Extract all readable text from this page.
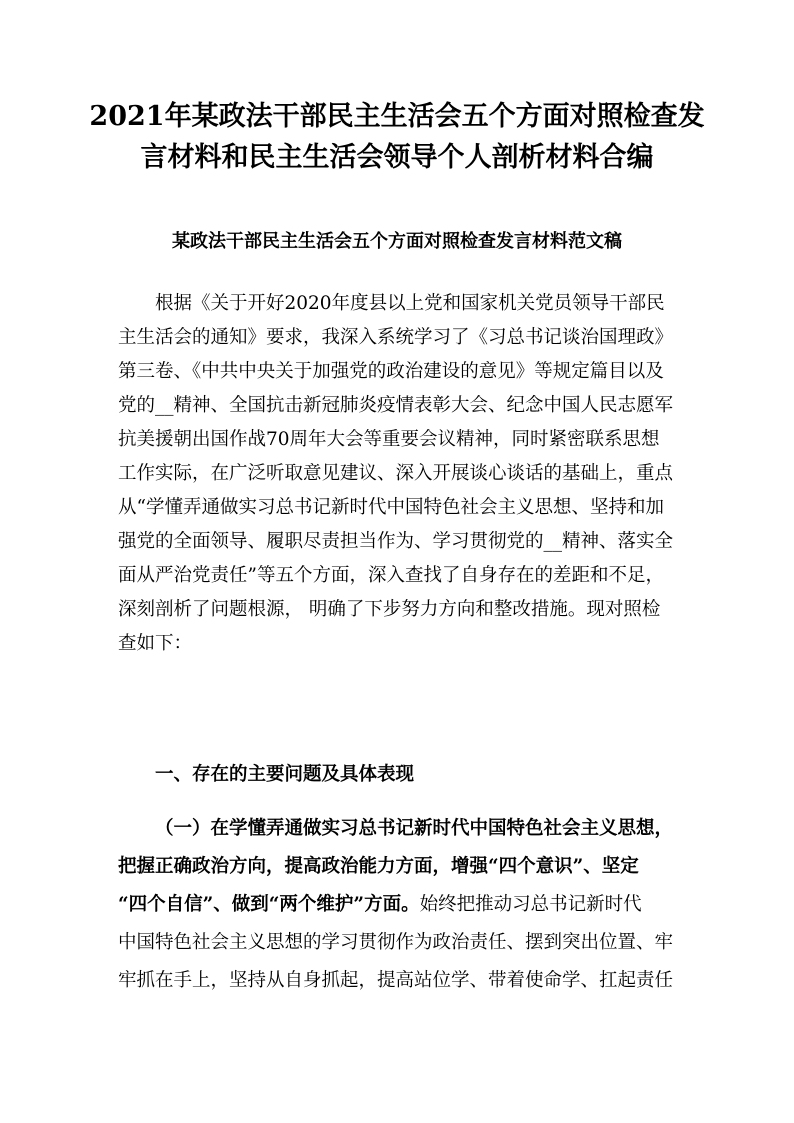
2021年某政法干部民主生活会五个方面对照检查发
言材料和民主生活会领导个人剖析材料合编
某政法干部民主生活会五个方面对照检查发言材料范文稿
根据《关于开好2020年度县以上党和国家机关党员领导干部民
主生活会的通知》要求，我深入系统学习了《习总书记谈治国理政》
第三卷、《中共中央关于加强党的政治建设的意见》等规定篇目以及
党的__精神、全国抗击新冠肺炎疫情表彰大会、纪念中国人民志愿军
抗美援朝出国作战70周年大会等重要会议精神，同时紧密联系思想
工作实际，在广泛听取意见建议、深入开展谈心谈话的基础上，重点
从“学懂弄通做实习总书记新时代中国特色社会主义思想、坚持和加
强党的全面领导、履职尽责担当作为、学习贯彻党的__精神、落实全
面从严治党责任”等五个方面，深入查找了自身存在的差距和不足，
深刻剖析了问题根源， 明确了下步努力方向和整改措施。现对照检
查如下：
一、存在的主要问题及具体表现
（一）在学懂弄通做实习总书记新时代中国特色社会主义思想，
把握正确政治方向，提高政治能力方面，增强“四个意识”、坚定
“四个自信”、做到“两个维护”方面。始终把推动习总书记新时代
中国特色社会主义思想的学习贯彻作为政治责任、摆到突出位置、牢
牢抓在手上，坚持从自身抓起，提高站位学、带着使命学、扛起责任
